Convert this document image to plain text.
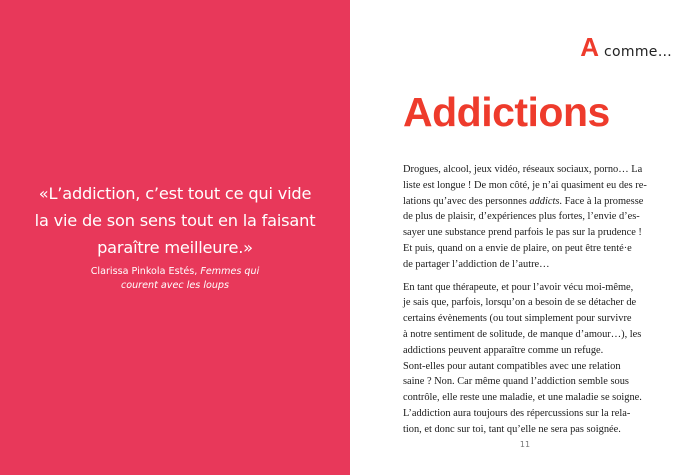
«L’addiction, c’est tout ce qui vide
la vie de son sens tout en la faisant
paraître meilleure.»
Clarissa Pinkola Estés, Femmes qui
courent avec les loups
A comme…
Addictions
Drogues, alcool, jeux vidéo, réseaux sociaux, porno… La
liste est longue ! De mon côté, je n’ai quasiment eu des re-
lations qu’avec des personnes addicts. Face à la promesse
de plus de plaisir, d’expériences plus fortes, l’envie d’es-
sayer une substance prend parfois le pas sur la prudence !
Et puis, quand on a envie de plaire, on peut être tenté·e
de partager l’addiction de l’autre…
En tant que thérapeute, et pour l’avoir vécu moi-même,
je sais que, parfois, lorsqu’on a besoin de se détacher de
certains évènements (ou tout simplement pour survivre
à notre sentiment de solitude, de manque d’amour…), les
addictions peuvent apparaître comme un refuge.
Sont-elles pour autant compatibles avec une relation
saine ? Non. Car même quand l’addiction semble sous
contrôle, elle reste une maladie, et une maladie se soigne.
L’addiction aura toujours des répercussions sur la rela-
tion, et donc sur toi, tant qu’elle ne sera pas soignée.
11
